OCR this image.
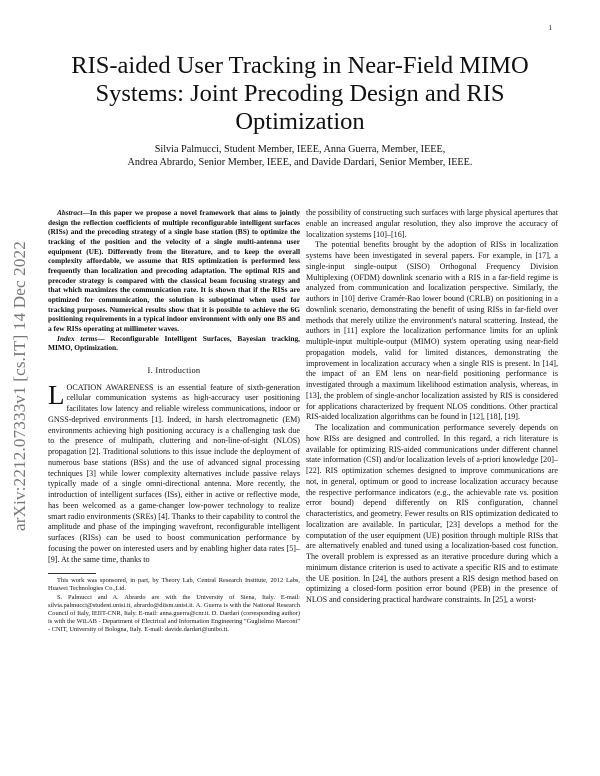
1
arXiv:2212.07333v1 [cs.IT] 14 Dec 2022
RIS-aided User Tracking in Near-Field MIMO Systems: Joint Precoding Design and RIS Optimization
Silvia Palmucci, Student Member, IEEE, Anna Guerra, Member, IEEE,
Andrea Abrardo, Senior Member, IEEE, and Davide Dardari, Senior Member, IEEE.

Abstract—In this paper we propose a novel framework that aims to jointly design the reflection coefficients of multiple reconfigurable intelligent surfaces (RISs) and the precoding strategy of a single base station (BS) to optimize the tracking of the position and the velocity of a single multi-antenna user equipment (UE). Differently from the literature, and to keep the overall complexity affordable, we assume that RIS optimization is performed less frequently than localization and precoding adaptation. The optimal RIS and precoder strategy is compared with the classical beam focusing strategy and that which maximizes the communication rate. It is shown that if the RISs are optimized for communication, the solution is suboptimal when used for tracking purposes. Numerical results show that it is possible to achieve the 6G positioning requirements in a typical indoor environment with only one BS and a few RISs operating at millimeter waves.

Index terms— Reconfigurable Intelligent Surfaces, Bayesian tracking, MIMO, Optimization.

I. Introduction

LOCATION AWARENESS is an essential feature of sixth-generation cellular communication systems as high-accuracy user positioning facilitates low latency and reliable wireless communications, indoor or GNSS-deprived environments [1]. Indeed, in harsh electromagnetic (EM) environments achieving high positioning accuracy is a challenging task due to the presence of multipath, cluttering and non-line-of-sight (NLOS) propagation [2]. Traditional solutions to this issue include the deployment of numerous base stations (BSs) and the use of advanced signal processing techniques [3] while lower complexity alternatives include passive relays typically made of a single omni-directional antenna. More recently, the introduction of intelligent surfaces (ISs), either in active or reflective mode, has been welcomed as a game-changer low-power technology to realize smart radio environments (SREs) [4]. Thanks to their capability to control the amplitude and phase of the impinging wavefront, reconfigurable intelligent surfaces (RISs) can be used to boost communication performance by focusing the power on interested users and by enabling higher data rates [5]–[9]. At the same time, thanks to

This work was sponsored, in part, by Theory Lab, Central Research Institute, 2012 Labs, Huawei Technologies Co.,Ltd.

S. Palmucci and A. Abrardo are with the University of Siena, Italy. E-mail: silvia.palmucci@student.unisi.it, abrardo@diism.unisi.it. A. Guerra is with the National Research Council of Italy, IEIIT-CNR, Italy. E-mail: anna.guerra@cnr.it. D. Dardari (corresponding author) is with the WiLAB - Department of Electrical and Information Engineering "Guglielmo Marconi" - CNIT, University of Bologna, Italy. E-mail: davide.dardari@unibo.it.

the possibility of constructing such surfaces with large physical apertures that enable an increased angular resolution, they also improve the accuracy of localization systems [10]–[16].

The potential benefits brought by the adoption of RISs in localization systems have been investigated in several papers. For example, in [17], a single-input single-output (SISO) Orthogonal Frequency Division Multiplexing (OFDM) downlink scenario with a RIS in a far-field regime is analyzed from communication and localization perspective. Similarly, the authors in [10] derive Cramér-Rao lower bound (CRLB) on positioning in a downlink scenario, demonstrating the benefit of using RISs in far-field over methods that merely utilize the environment's natural scattering. Instead, the authors in [11] explore the localization performance limits for an uplink multiple-input multiple-output (MIMO) system operating using near-field propagation models, valid for limited distances, demonstrating the improvement in localization accuracy when a single RIS is present. In [14], the impact of an EM lens on near-field positioning performance is investigated through a maximum likelihood estimation analysis, whereas, in [13], the problem of single-anchor localization assisted by RIS is considered for applications characterized by frequent NLOS conditions. Other practical RIS-aided localization algorithms can be found in [12], [18], [19].

The localization and communication performance severely depends on how RISs are designed and controlled. In this regard, a rich literature is available for optimizing RIS-aided communications under different channel state information (CSI) and/or localization levels of a-priori knowledge [20]–[22]. RIS optimization schemes designed to improve communications are not, in general, optimum or good to increase localization accuracy because the respective performance indicators (e.g., the achievable rate vs. position error bound) depend differently on RIS configuration, channel characteristics, and geometry. Fewer results on RIS optimization dedicated to localization are available. In particular, [23] develops a method for the computation of the user equipment (UE) position through multiple RISs that are alternatively enabled and tuned using a localization-based cost function. The overall problem is expressed as an iterative procedure during which a minimum distance criterion is used to activate a specific RIS and to estimate the UE position. In [24], the authors present a RIS design method based on optimizing a closed-form position error bound (PEB) in the presence of NLOS and considering practical hardware constraints. In [25], a worst-
